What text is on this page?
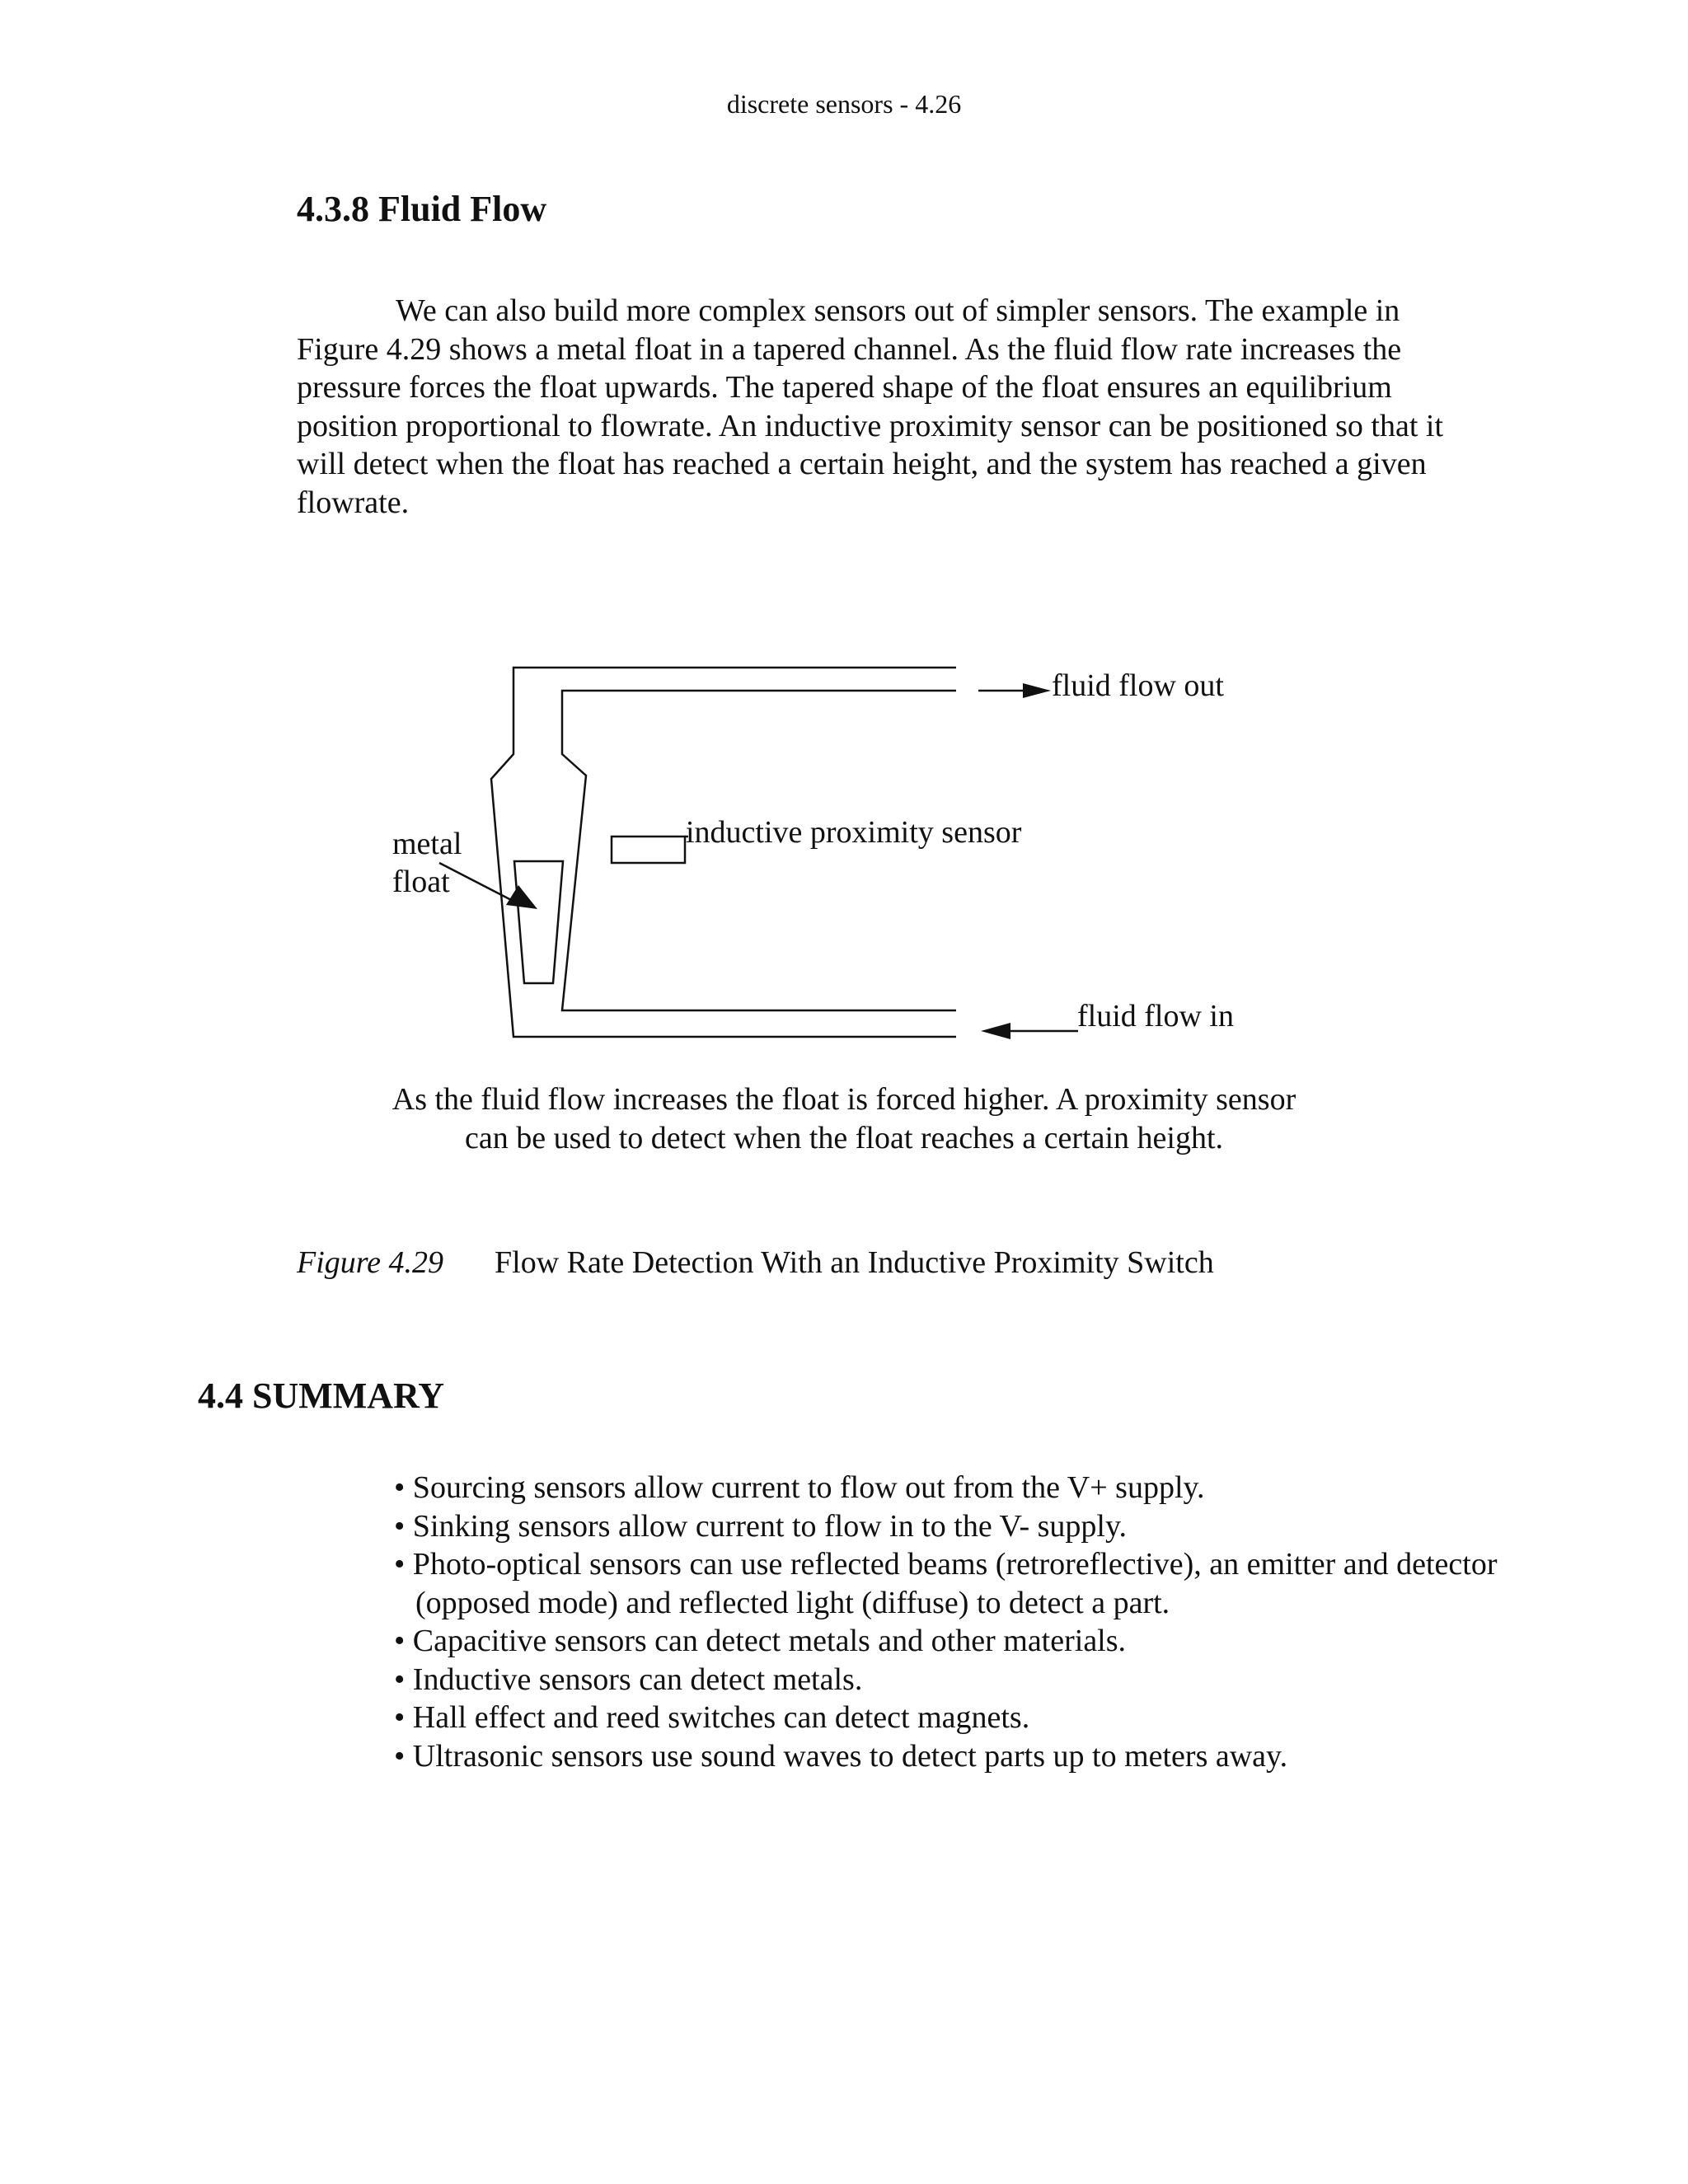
discrete sensors - 4.26
4.3.8 Fluid Flow

We can also build more complex sensors out of simpler sensors. The example in Figure 4.29 shows a metal float in a tapered channel. As the fluid flow rate increases the pressure forces the float upwards. The tapered shape of the float ensures an equilibrium position proportional to flowrate. An inductive proximity sensor can be positioned so that it will detect when the float has reached a certain height, and the system has reached a given flowrate.

fluid flow out
inductive proximity sensor
metal
float
fluid flow in
As the fluid flow increases the float is forced higher. A proximity sensor
can be used to detect when the float reaches a certain height.
Figure 4.29 Flow Rate Detection With an Inductive Proximity Switch
4.4 SUMMARY
• Sourcing sensors allow current to flow out from the V+ supply.
• Sinking sensors allow current to flow in to the V- supply.
• Photo-optical sensors can use reflected beams (retroreflective), an emitter and detector (opposed mode) and reflected light (diffuse) to detect a part.
• Capacitive sensors can detect metals and other materials.
• Inductive sensors can detect metals.
• Hall effect and reed switches can detect magnets.
• Ultrasonic sensors use sound waves to detect parts up to meters away.
